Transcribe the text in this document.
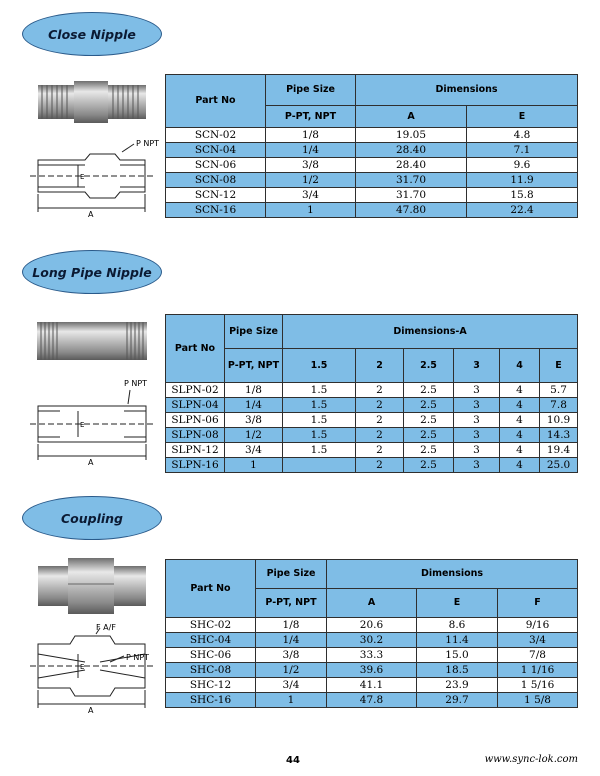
Close Nipple
P NPT
A
E
Part No	Pipe Size	Dimensions	
	P-PT, NPT	A	E
SCN-02	1/8	19.05	4.8
SCN-04	1/4	28.40	7.1
SCN-06	3/8	28.40	9.6
SCN-08	1/2	31.70	11.9
SCN-12	3/4	31.70	15.8
SCN-16	1	47.80	22.4
Long Pipe Nipple
P NPT
A
E
Part No	Pipe Size	Dimensions-A					
	P-PT, NPT	1.5	2	2.5	3	4	E
SLPN-02	1/8	1.5	2	2.5	3	4	5.7
SLPN-04	1/4	1.5	2	2.5	3	4	7.8
SLPN-06	3/8	1.5	2	2.5	3	4	10.9
SLPN-08	1/2	1.5	2	2.5	3	4	14.3
SLPN-12	3/4	1.5	2	2.5	3	4	19.4
SLPN-16	1		2	2.5	3	4	25.0
Coupling
F A/F
P NPT
A
E
Part No	Pipe Size	Dimensions		
	P-PT, NPT	A	E	F
SHC-02	1/8	20.6	8.6	9/16
SHC-04	1/4	30.2	11.4	3/4
SHC-06	3/8	33.3	15.0	7/8
SHC-08	1/2	39.6	18.5	1 1/16
SHC-12	3/4	41.1	23.9	1 5/16
SHC-16	1	47.8	29.7	1 5/8
44	www.sync-lok.com
